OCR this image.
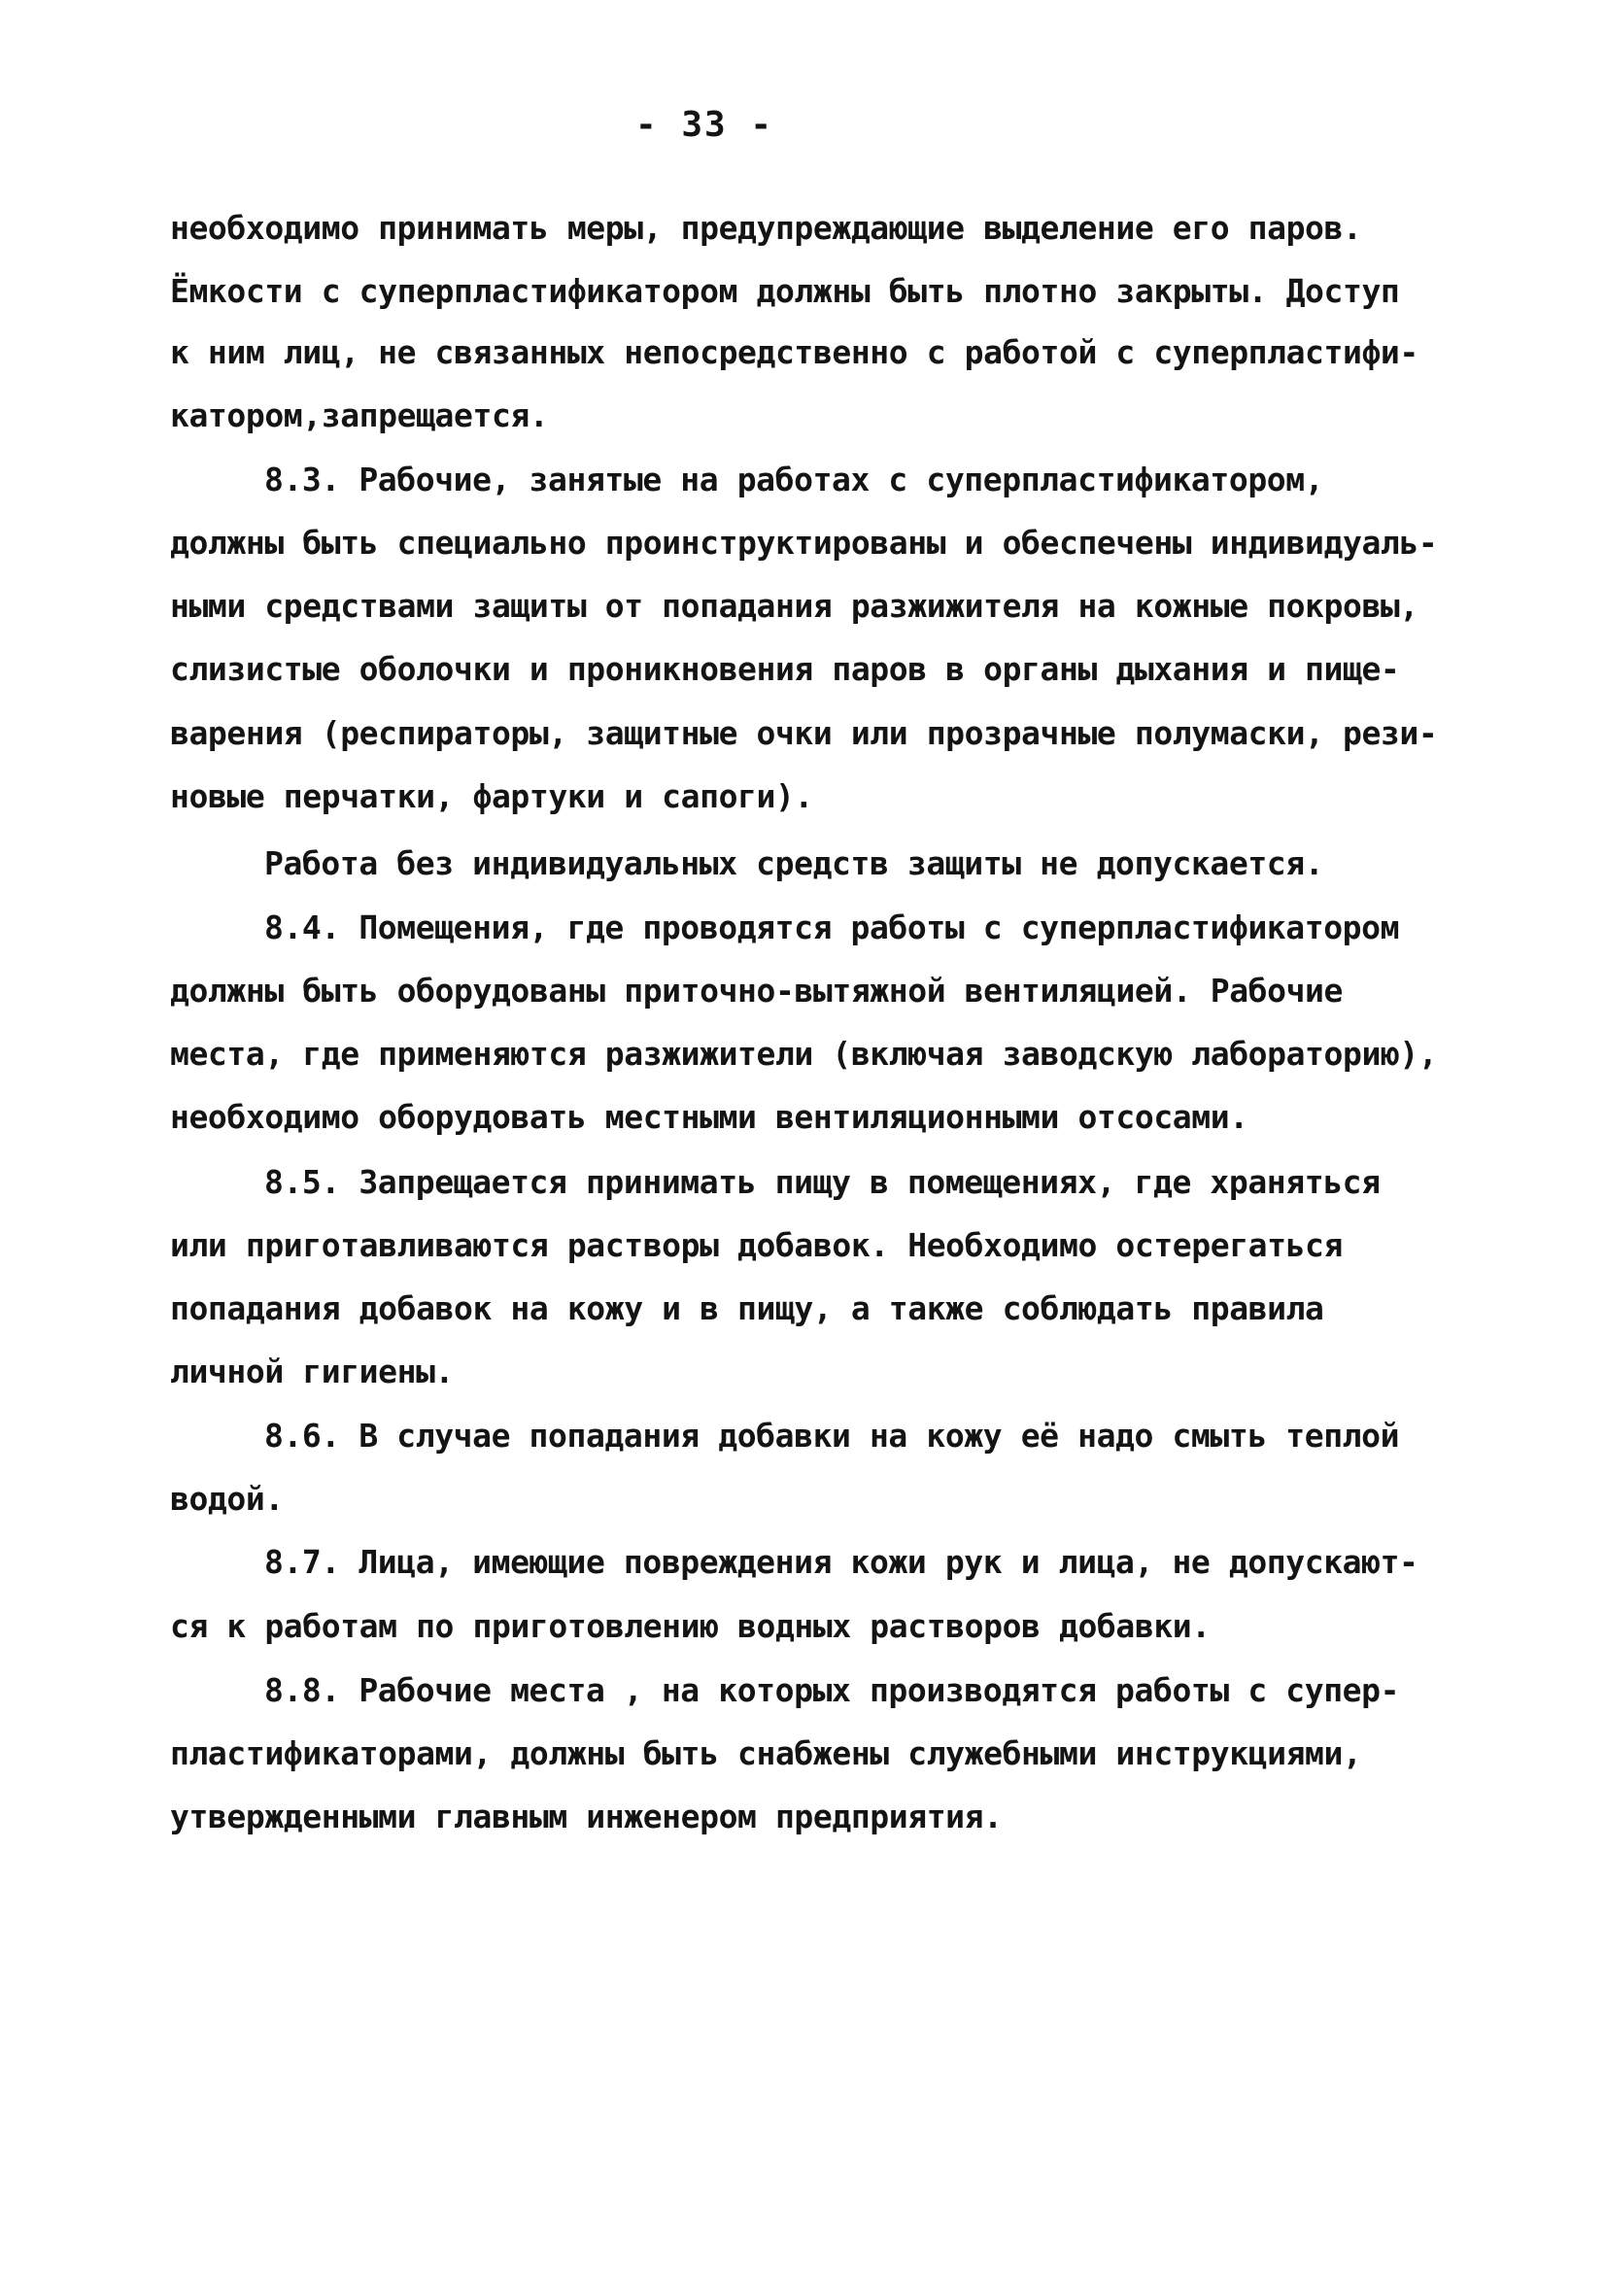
- 33 -
необходимо принимать меры, предупреждающие выделение его паров.
Ёмкости с суперпластификатором должны быть плотно закрыты. Доступ
к ним лиц, не связанных непосредственно с работой с суперпластифи-
катором,запрещается.
8.3. Рабочие, занятые на работах с суперпластификатором,
должны быть специально проинструктированы и обеспечены индивидуаль-
ными средствами защиты от попадания разжижителя на кожные покровы,
слизистые оболочки и проникновения паров в органы дыхания и пище-
варения (респираторы, защитные очки или прозрачные полумаски, рези-
новые перчатки, фартуки и сапоги).
Работа без индивидуальных средств защиты не допускается.
8.4. Помещения, где проводятся работы с суперпластификатором
должны быть оборудованы приточно-вытяжной вентиляцией. Рабочие
места, где применяются разжижители (включая заводскую лабораторию),
необходимо оборудовать местными вентиляционными отсосами.
8.5. Запрещается принимать пищу в помещениях, где храняться
или приготавливаются растворы добавок. Необходимо остерегаться
попадания добавок на кожу и в пищу, а также соблюдать правила
личной гигиены.
8.6. В случае попадания добавки на кожу её надо смыть теплой
водой.
8.7. Лица, имеющие повреждения кожи рук и лица, не допускают-
ся к работам по приготовлению водных растворов добавки.
8.8. Рабочие места , на которых производятся работы с супер-
пластификаторами, должны быть снабжены служебными инструкциями,
утвержденными главным инженером предприятия.
